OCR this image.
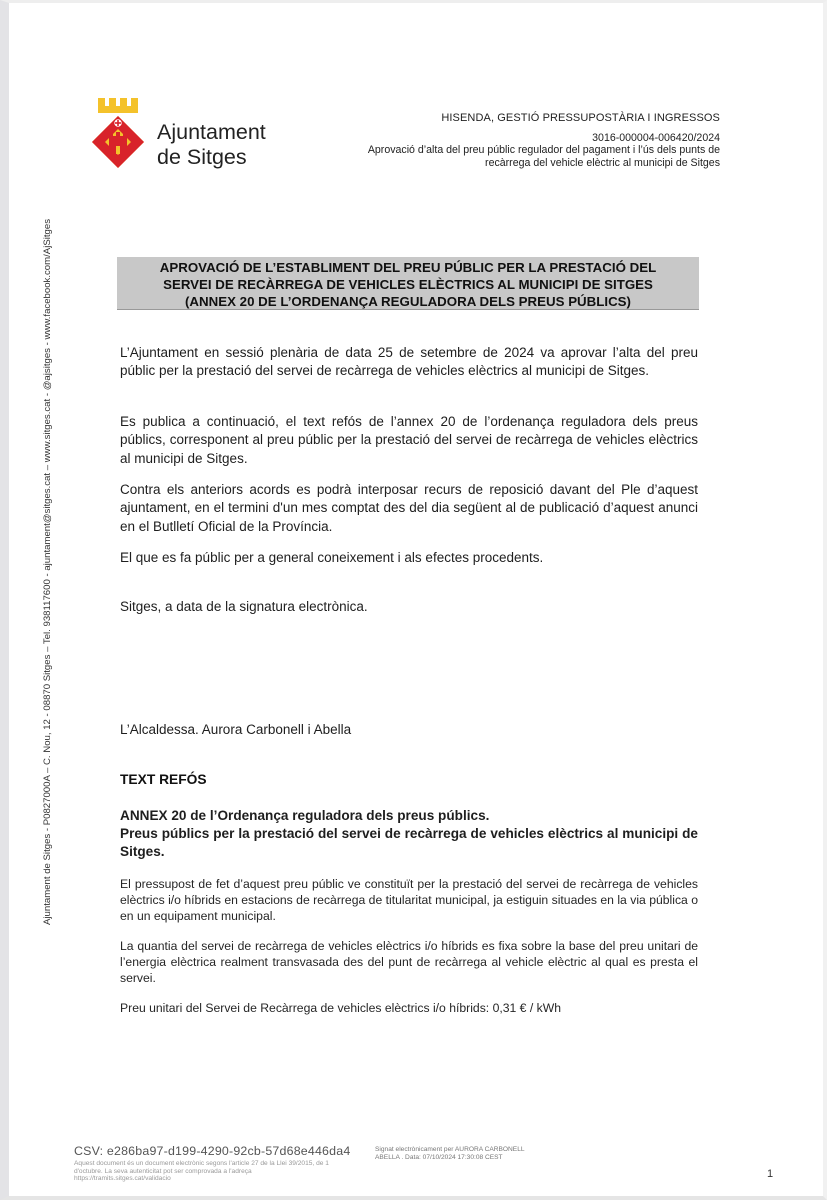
Ajuntament
de Sitges
HISENDA, GESTIÓ PRESSUPOSTÀRIA I INGRESSOS
3016-000004-006420/2024
Aprovació d’alta del preu públic regulador del pagament i l’ús dels punts de
recàrrega del vehicle elèctric al municipi de Sitges
Ajuntament de Sitges - P0827000A – C. Nou, 12 - 08870 Sitges – Tel. 938117600 - ajuntament@sitges.cat – www.sitges.cat - @ajsitges - www.facebook.com/AjSitges	APROVACIÓ DE L’ESTABLIMENT DEL PREU PÚBLIC PER LA PRESTACIÓ DEL
SERVEI DE RECÀRREGA DE VEHICLES ELÈCTRICS AL MUNICIPI DE SITGES
(ANNEX 20 DE L’ORDENANÇA REGULADORA DELS PREUS PÚBLICS)
L’Ajuntament en sessió plenària de data 25 de setembre de 2024 va aprovar l’alta del preu públic per la prestació del servei de recàrrega de vehicles elèctrics al municipi de Sitges.
Es publica a continuació, el text refós de l’annex 20 de l’ordenança reguladora dels preus públics, corresponent al preu públic per la prestació del servei de recàrrega de vehicles elèctrics al municipi de Sitges.
Contra els anteriors acords es podrà interposar recurs de reposició davant del Ple d’aquest ajuntament, en el termini d'un mes comptat des del dia següent al de publicació d’aquest anunci en el Butlletí Oficial de la Província.
El que es fa públic per a general coneixement i als efectes procedents.
Sitges, a data de la signatura electrònica.
L’Alcaldessa. Aurora Carbonell i Abella
TEXT REFÓS
ANNEX 20 de l’Ordenança reguladora dels preus públics.
Preus públics per la prestació del servei de recàrrega de vehicles elèctrics al municipi de Sitges.
El pressupost de fet d’aquest preu públic ve constituït per la prestació del servei de recàrrega de vehicles elèctrics i/o híbrids en estacions de recàrrega de titularitat municipal, ja estiguin situades en la via pública o en un equipament municipal.
La quantia del servei de recàrrega de vehicles elèctrics i/o híbrids es fixa sobre la base del preu unitari de l’energia elèctrica realment transvasada des del punt de recàrrega al vehicle elèctric al qual es presta el servei.
Preu unitari del Servei de Recàrrega de vehicles elèctrics i/o híbrids: 0,31 € / kWh
CSV: e286ba97-d199-4290-92cb-57d68e446da4
Aquest document és un document electrònic segons l'article 27 de la Llei 39/2015, de 1 d'octubre. La seva autenticitat pot ser comprovada a l'adreça https://tramits.sitges.cat/validacio
Signat electrònicament per AURORA CARBONELL ABELLA . Data: 07/10/2024 17:30:08 CEST
1
